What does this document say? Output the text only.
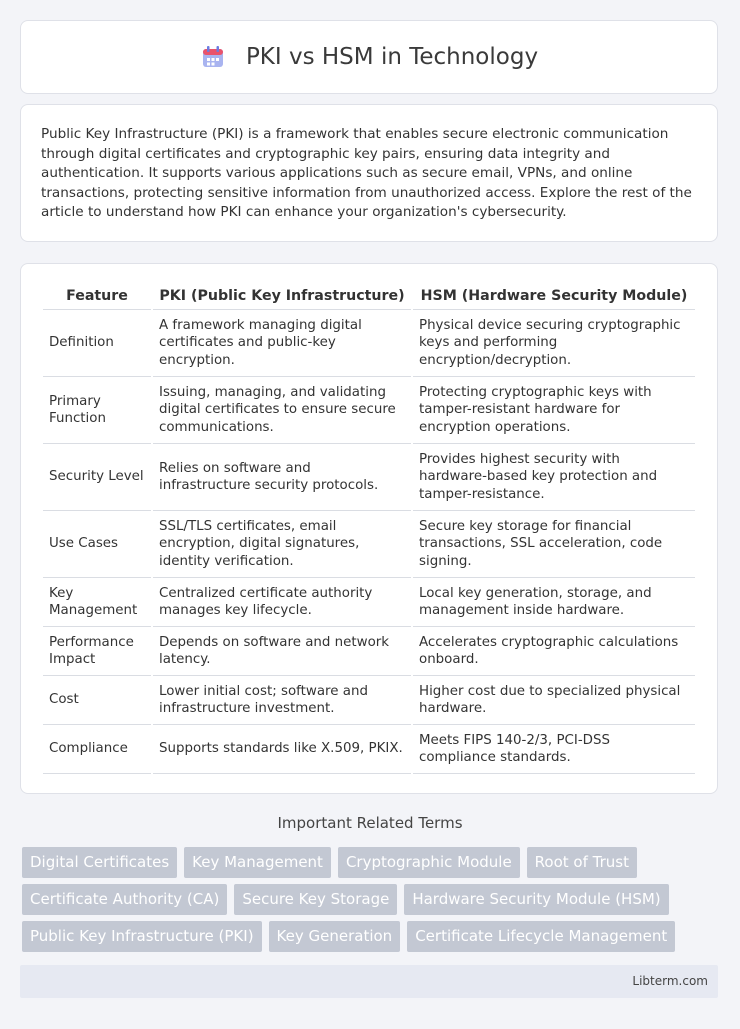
PKI vs HSM in Technology

Public Key Infrastructure (PKI) is a framework that enables secure electronic communication through digital certificates and cryptographic key pairs, ensuring data integrity and authentication. It supports various applications such as secure email, VPNs, and online transactions, protecting sensitive information from unauthorized access. Explore the rest of the article to understand how PKI can enhance your organization's cybersecurity.

Feature	PKI (Public Key Infrastructure)	HSM (Hardware Security Module)
Definition	A framework managing digital certificates and public-key encryption.	Physical device securing cryptographic keys and performing encryption/decryption.
Primary Function	Issuing, managing, and validating digital certificates to ensure secure communications.	Protecting cryptographic keys with tamper-resistant hardware for encryption operations.
Security Level	Relies on software and infrastructure security protocols.	Provides highest security with hardware-based key protection and tamper-resistance.
Use Cases	SSL/TLS certificates, email encryption, digital signatures, identity verification.	Secure key storage for financial transactions, SSL acceleration, code signing.
Key Management	Centralized certificate authority manages key lifecycle.	Local key generation, storage, and management inside hardware.
Performance Impact	Depends on software and network latency.	Accelerates cryptographic calculations onboard.
Cost	Lower initial cost; software and infrastructure investment.	Higher cost due to specialized physical hardware.
Compliance	Supports standards like X.509, PKIX.	Meets FIPS 140-2/3, PCI-DSS compliance standards.
Important Related Terms
Digital Certificates	Key Management	Cryptographic Module	Root of Trust
Certificate Authority (CA)	Secure Key Storage	Hardware Security Module (HSM)
Public Key Infrastructure (PKI)	Key Generation	Certificate Lifecycle Management
Libterm.com
